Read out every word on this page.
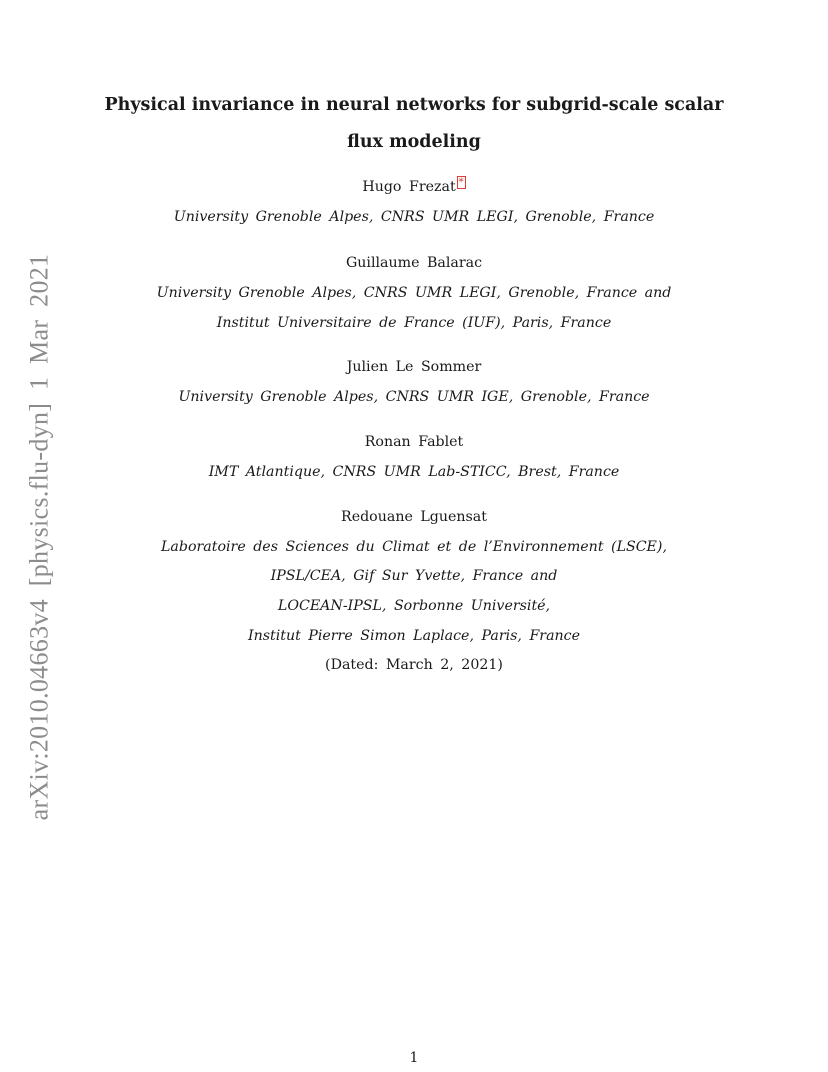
arXiv:2010.04663v4 [physics.flu-dyn] 1 Mar 2021
Physical invariance in neural networks for subgrid-scale scalar
flux modeling
Hugo Frezat *
University Grenoble Alpes, CNRS UMR LEGI, Grenoble, France
Guillaume Balarac
University Grenoble Alpes, CNRS UMR LEGI, Grenoble, France and
Institut Universitaire de France (IUF), Paris, France
Julien Le Sommer
University Grenoble Alpes, CNRS UMR IGE, Grenoble, France
Ronan Fablet
IMT Atlantique, CNRS UMR Lab-STICC, Brest, France
Redouane Lguensat
Laboratoire des Sciences du Climat et de l’Environnement (LSCE),
IPSL/CEA, Gif Sur Yvette, France and
LOCEAN-IPSL, Sorbonne Université,
Institut Pierre Simon Laplace, Paris, France
(Dated: March 2, 2021)
1
